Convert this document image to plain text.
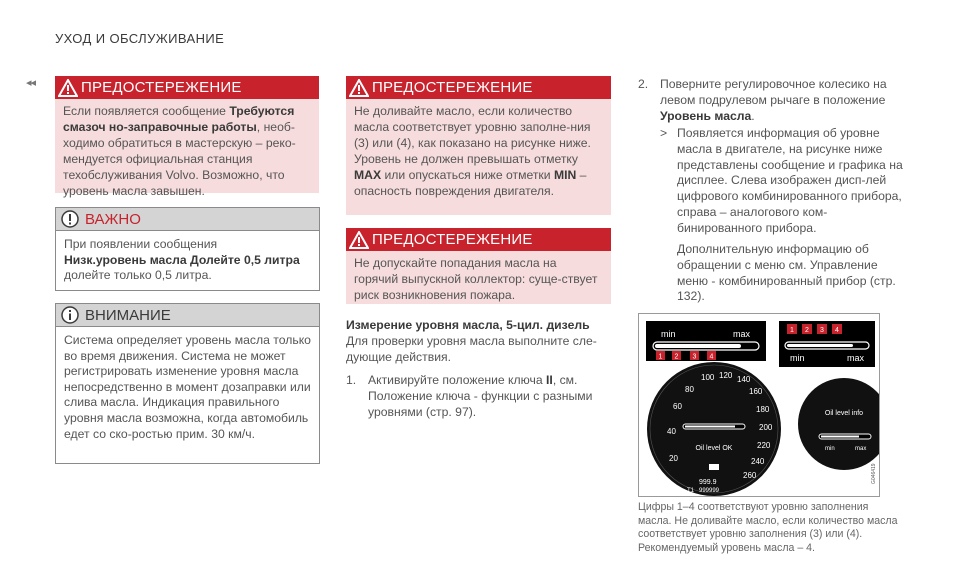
УХОД И ОБСЛУЖИВАНИЕ
◂◂	ПРЕДОСТЕРЕЖЕНИЕ
Если появляется сообщение Требуются смазоч но-заправочные работы, необ-ходимо обратиться в мастерскую – реко-мендуется официальная станция техобслуживания Volvo. Возможно, что уровень масла завышен.
ВАЖНО
При появлении сообщения
Низк.уровень масла Долейте 0,5 литра
долейте только 0,5 литра.
ВНИМАНИЕ
Система определяет уровень масла только во время движения. Система не может регистрировать изменение уровня масла непосредственно в момент дозаправки или слива масла. Индикация правильного уровня масла возможна, когда автомобиль едет со ско-ростью прим. 30 км/ч.
ПРЕДОСТЕРЕЖЕНИЕ
Не доливайте масло, если количество масла соответствует уровню заполне-ния (3) или (4), как показано на рисунке ниже. Уровень не должен превышать отметку MAX или опускаться ниже отметки MIN – опасность повреждения двигателя.
ПРЕДОСТЕРЕЖЕНИЕ
Не допускайте попадания масла на горячий выпускной коллектор: суще-ствует риск возникновения пожара.
Измерение уровня масла, 5-цил. дизель
Для проверки уровня масла выполните сле-дующие действия.
1. Активируйте положение ключа II, см. Положение ключа - функции с разными уровнями (стр. 97).
2. Поверните регулировочное колесико на левом подрулевом рычаге в положение Уровень масла.
> Появляется информация об уровне масла в двигателе, на рисунке ниже представлены сообщение и графика на дисплее. Слева изображен дисп-лей цифрового комбинированного прибора, справа – аналогового ком-бинированного прибора.
Дополнительную информацию об обращении с меню см. Управление меню - комбинированный прибор (стр. 132).
min	max
1 2 3 4
1 2 3 4
min	max
20
40
60
80
100 120 140
160
180
200
220
240
260
Oil level OK
999.9
T1 999999
Oil level info
min	max
G046419
Цифры 1–4 соответствуют уровню заполнения масла. Не доливайте масло, если количество масла соответствует уровню заполнения (3) или (4). Рекомендуемый уровень масла – 4.
